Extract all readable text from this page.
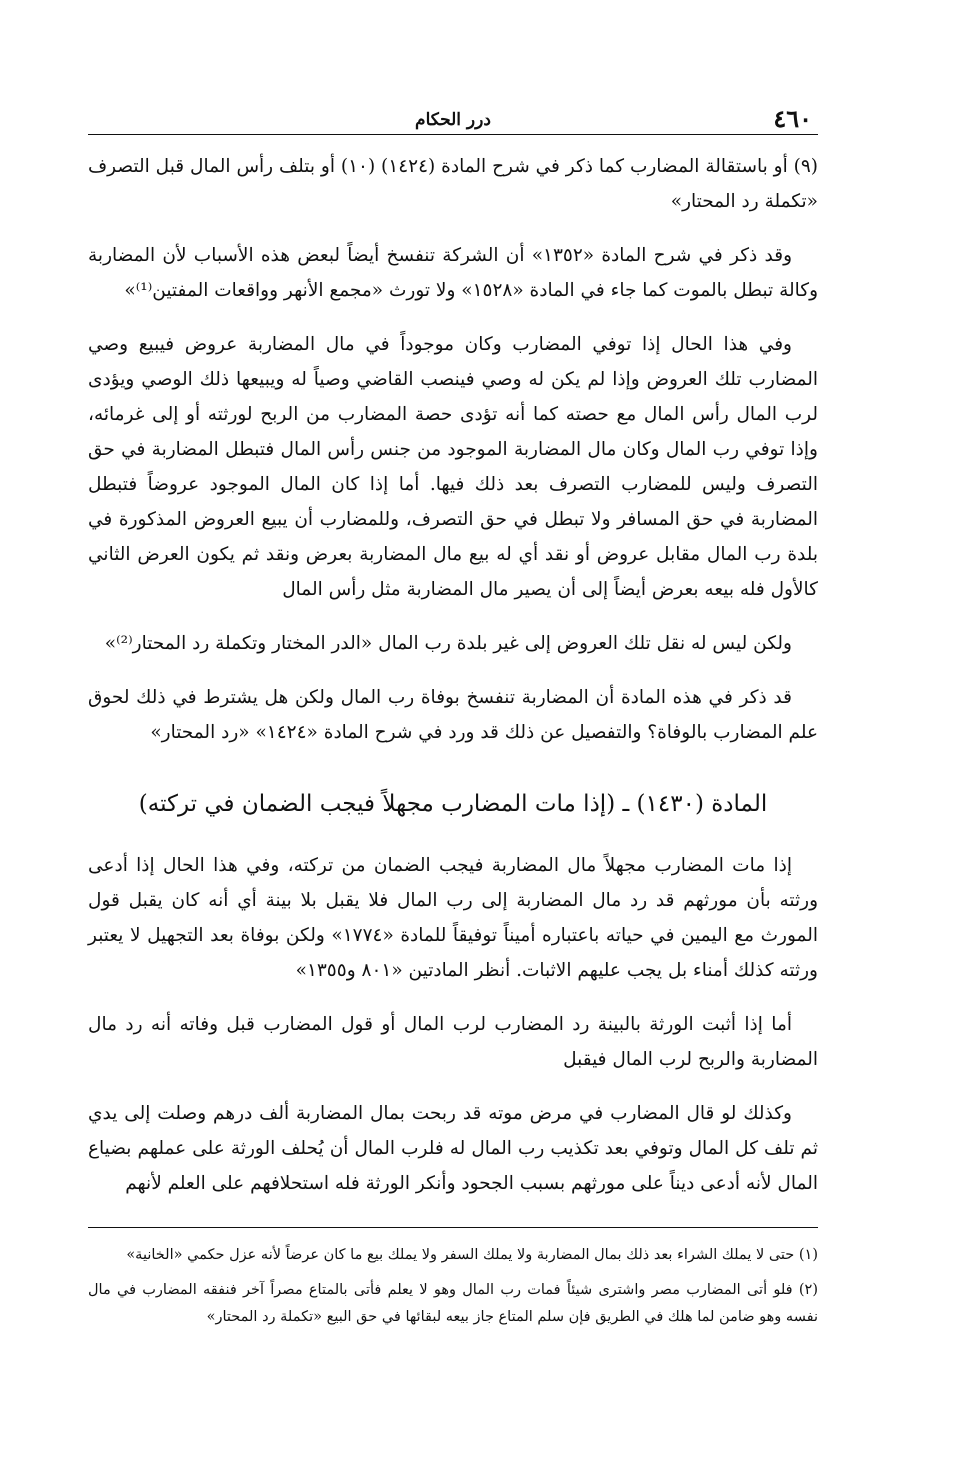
٤٦٠
درر الحكام

(٩) أو باستقالة المضارب كما ذكر في شرح المادة (١٤٢٤) (١٠) أو بتلف رأس المال قبل التصرف «تكملة رد المحتار»

وقد ذكر في شرح المادة «١٣٥٢» أن الشركة تنفسخ أيضاً لبعض هذه الأسباب لأن المضاربة وكالة تبطل بالموت كما جاء في المادة «١٥٢٨» ولا تورث «مجمع الأنهر وواقعات المفتين⁽¹⁾»

وفي هذا الحال إذا توفي المضارب وكان موجوداً في مال المضاربة عروض فيبيع وصي المضارب تلك العروض وإذا لم يكن له وصي فينصب القاضي وصياً له ويبيعها ذلك الوصي ويؤدى لرب المال رأس المال مع حصته كما أنه تؤدى حصة المضارب من الربح لورثته أو إلى غرمائه، وإذا توفي رب المال وكان مال المضاربة الموجود من جنس رأس المال فتبطل المضاربة في حق التصرف وليس للمضارب التصرف بعد ذلك فيها. أما إذا كان المال الموجود عروضاً فتبطل المضاربة في حق المسافر ولا تبطل في حق التصرف، وللمضارب أن يبيع العروض المذكورة في بلدة رب المال مقابل عروض أو نقد أي له بيع مال المضاربة بعرض ونقد ثم يكون العرض الثاني كالأول فله بيعه بعرض أيضاً إلى أن يصير مال المضاربة مثل رأس المال

ولكن ليس له نقل تلك العروض إلى غير بلدة رب المال «الدر المختار وتكملة رد المحتار⁽²⁾»

قد ذكر في هذه المادة أن المضاربة تنفسخ بوفاة رب المال ولكن هل يشترط في ذلك لحوق علم المضارب بالوفاة؟ والتفصيل عن ذلك قد ورد في شرح المادة «١٤٢٤» «رد المحتار»

المادة (١٤٣٠) ـ (إذا مات المضارب مجهلاً فيجب الضمان في تركته)

إذا مات المضارب مجهلاً مال المضاربة فيجب الضمان من تركته، وفي هذا الحال إذا أدعى ورثته بأن مورثهم قد رد مال المضاربة إلى رب المال فلا يقبل بلا بينة أي أنه كان يقبل قول المورث مع اليمين في حياته باعتباره أميناً توفيقاً للمادة «١٧٧٤» ولكن بوفاة بعد التجهيل لا يعتبر ورثته كذلك أمناء بل يجب عليهم الاثبات. أنظر المادتين «٨٠١ و١٣٥٥»

أما إذا أثبت الورثة بالبينة رد المضارب لرب المال أو قول المضارب قبل وفاته أنه رد مال المضاربة والربح لرب المال فيقبل

وكذلك لو قال المضارب في مرض موته قد ربحت بمال المضاربة ألف درهم وصلت إلى يدي ثم تلف كل المال وتوفي بعد تكذيب رب المال له فلرب المال أن يُحلف الورثة على عملهم بضياع المال لأنه أدعى ديناً على مورثهم بسبب الجحود وأنكر الورثة فله استحلافهم على العلم لأنهم

(١) حتى لا يملك الشراء بعد ذلك بمال المضاربة ولا يملك السفر ولا يملك بيع ما كان عرضاً لأنه عزل حكمي «الخانية»

(٢) فلو أتى المضارب مصر واشترى شيئاً فمات رب المال وهو لا يعلم فأتى بالمتاع مصراً آخر فنفقه المضارب في مال نفسه وهو ضامن لما هلك في الطريق فإن سلم المتاع جاز بيعه لبقائها في حق البيع «تكملة رد المحتار»
